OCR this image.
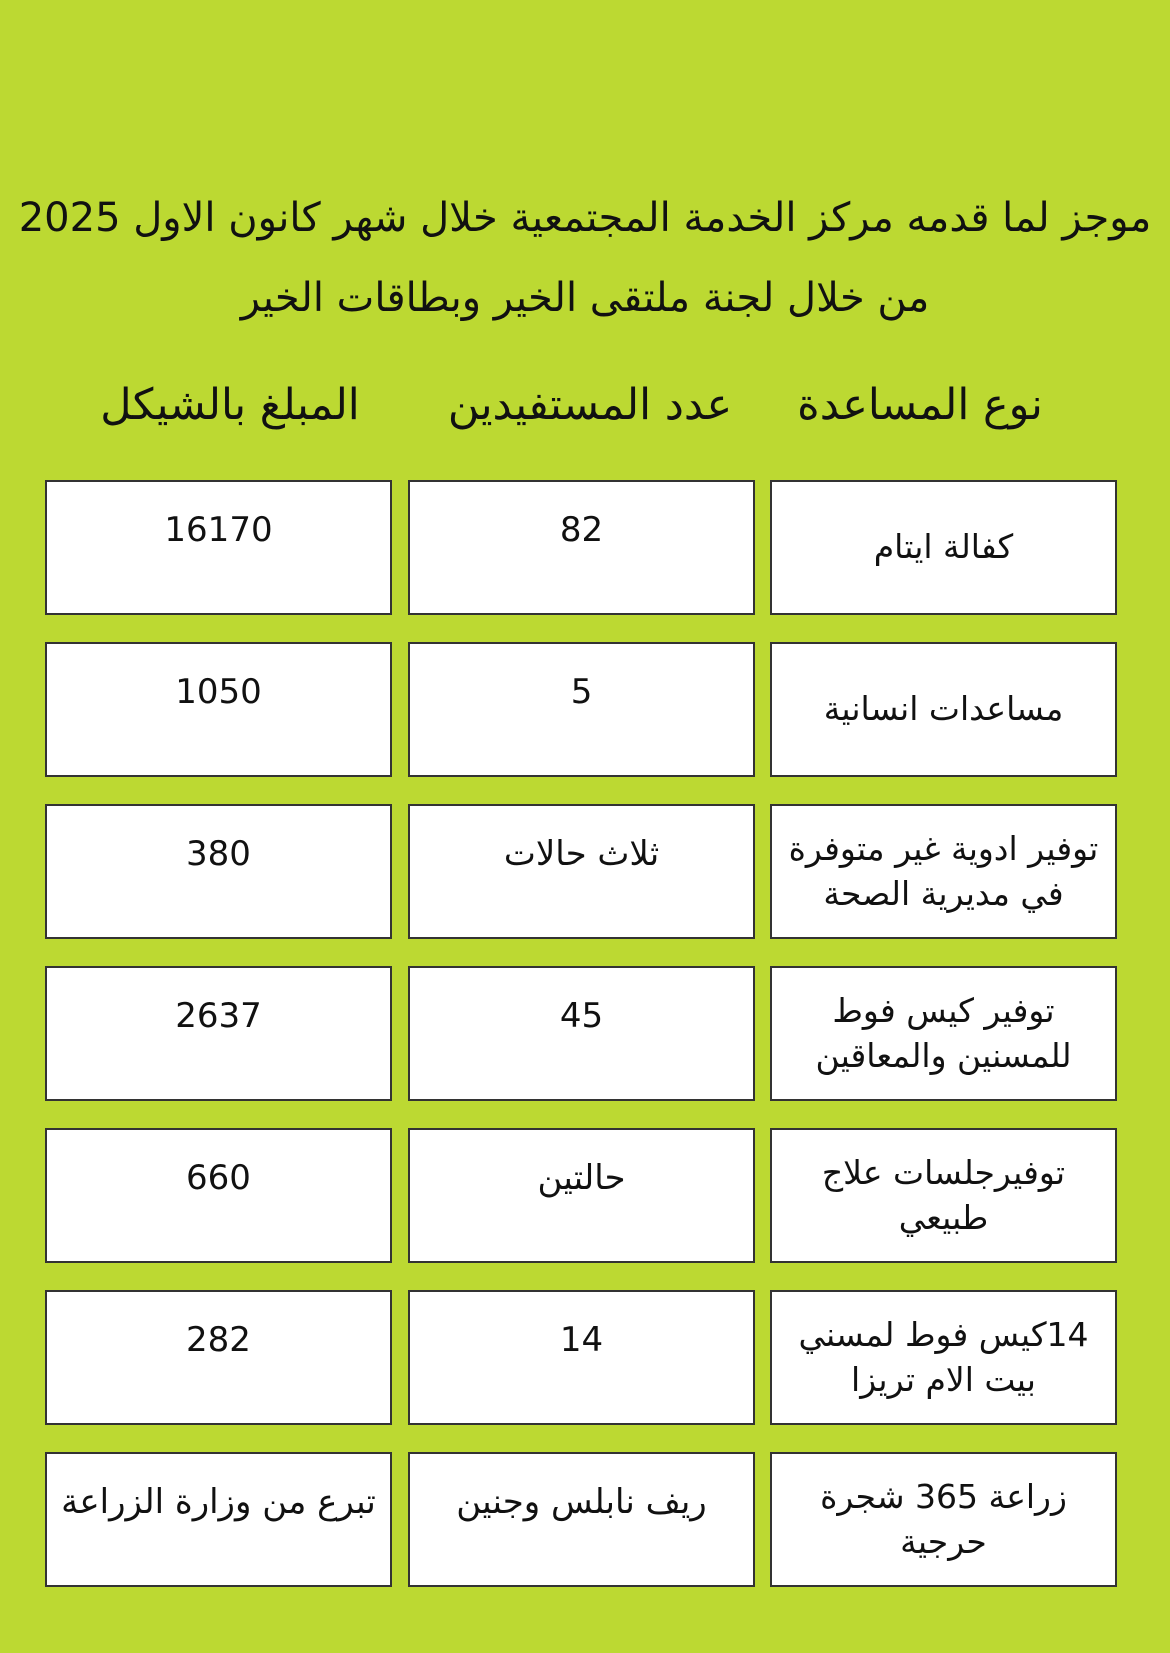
موجز لما قدمه مركز الخدمة المجتمعية خلال شهر كانون الاول 2025
من خلال لجنة ملتقى الخير وبطاقات الخير
نوع المساعدة
عدد المستفيدين
المبلغ بالشيكل
كفالة ايتام
82
16170
مساعدات انسانية
5
1050
توفير ادوية غير متوفرة في مديرية الصحة
ثلاث حالات
380
توفير كيس فوط للمسنين والمعاقين
45
2637
توفيرجلسات علاج طبيعي
حالتين
660
14كيس فوط لمسني بيت الام تريزا
14
282
زراعة 365 شجرة حرجية
ريف نابلس وجنين
تبرع من وزارة الزراعة
